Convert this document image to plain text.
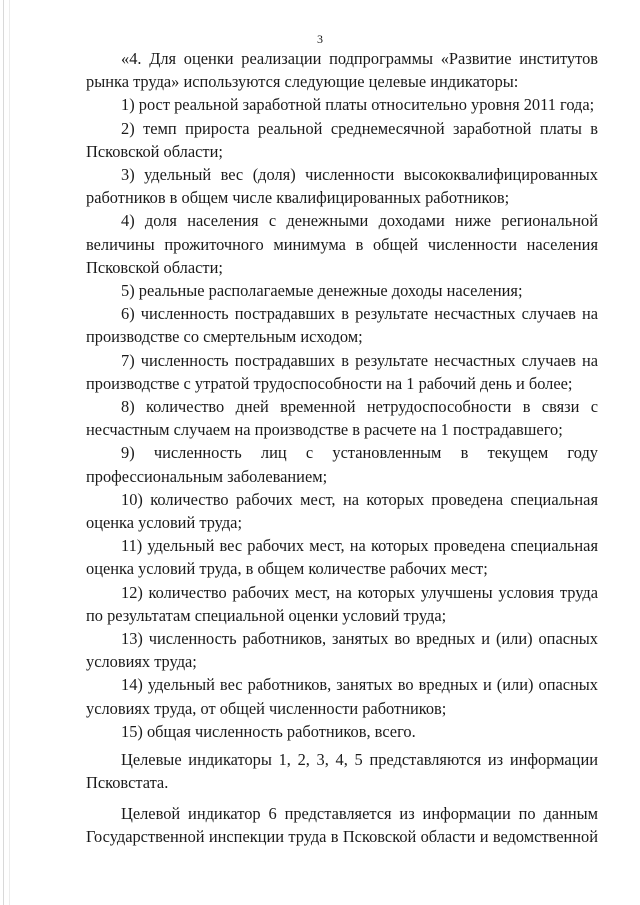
3

«4. Для оценки реализации подпрограммы «Развитие институтов рынка труда» используются следующие целевые индикаторы:

1) рост реальной заработной платы относительно уровня 2011 года;

2) темп прироста реальной среднемесячной заработной платы в Псковской области;

3) удельный вес (доля) численности высококвалифицированных работников в общем числе квалифицированных работников;

4) доля населения с денежными доходами ниже региональной величины прожиточного минимума в общей численности населения Псковской области;

5) реальные располагаемые денежные доходы населения;

6) численность пострадавших в результате несчастных случаев на производстве со смертельным исходом;

7) численность пострадавших в результате несчастных случаев на производстве с утратой трудоспособности на 1 рабочий день и более;

8) количество дней временной нетрудоспособности в связи с несчастным случаем на производстве в расчете на 1 пострадавшего;

9) численность лиц с установленным в текущем году профессиональным заболеванием;

10) количество рабочих мест, на которых проведена специальная оценка условий труда;

11) удельный вес рабочих мест, на которых проведена специальная оценка условий труда, в общем количестве рабочих мест;

12) количество рабочих мест, на которых улучшены условия труда по результатам специальной оценки условий труда;

13) численность работников, занятых во вредных и (или) опасных условиях труда;

14) удельный вес работников, занятых во вредных и (или) опасных условиях труда, от общей численности работников;

15) общая численность работников, всего.

Целевые индикаторы 1, 2, 3, 4, 5 представляются из информации Псковстата.

Целевой индикатор 6 представляется из информации по данным Государственной инспекции труда в Псковской области и ведомственной
